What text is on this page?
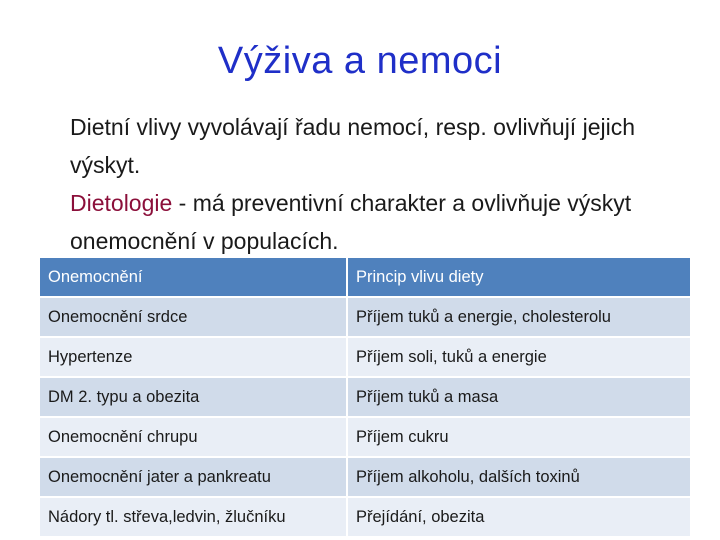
Výživa a nemoci

Dietní vlivy vyvolávají řadu nemocí, resp. ovlivňují jejich výskyt.

Dietologie - má preventivní charakter a ovlivňuje výskyt onemocnění v populacích.

Onemocnění	Princip vlivu diety
Onemocnění srdce	Příjem tuků a energie, cholesterolu
Hypertenze	Příjem soli, tuků a energie
DM 2. typu a obezita	Příjem tuků a masa
Onemocnění chrupu	Příjem cukru
Onemocnění jater a pankreatu	Příjem alkoholu, dalších toxinů
Nádory tl. střeva,ledvin, žlučníku	Přejídání, obezita
